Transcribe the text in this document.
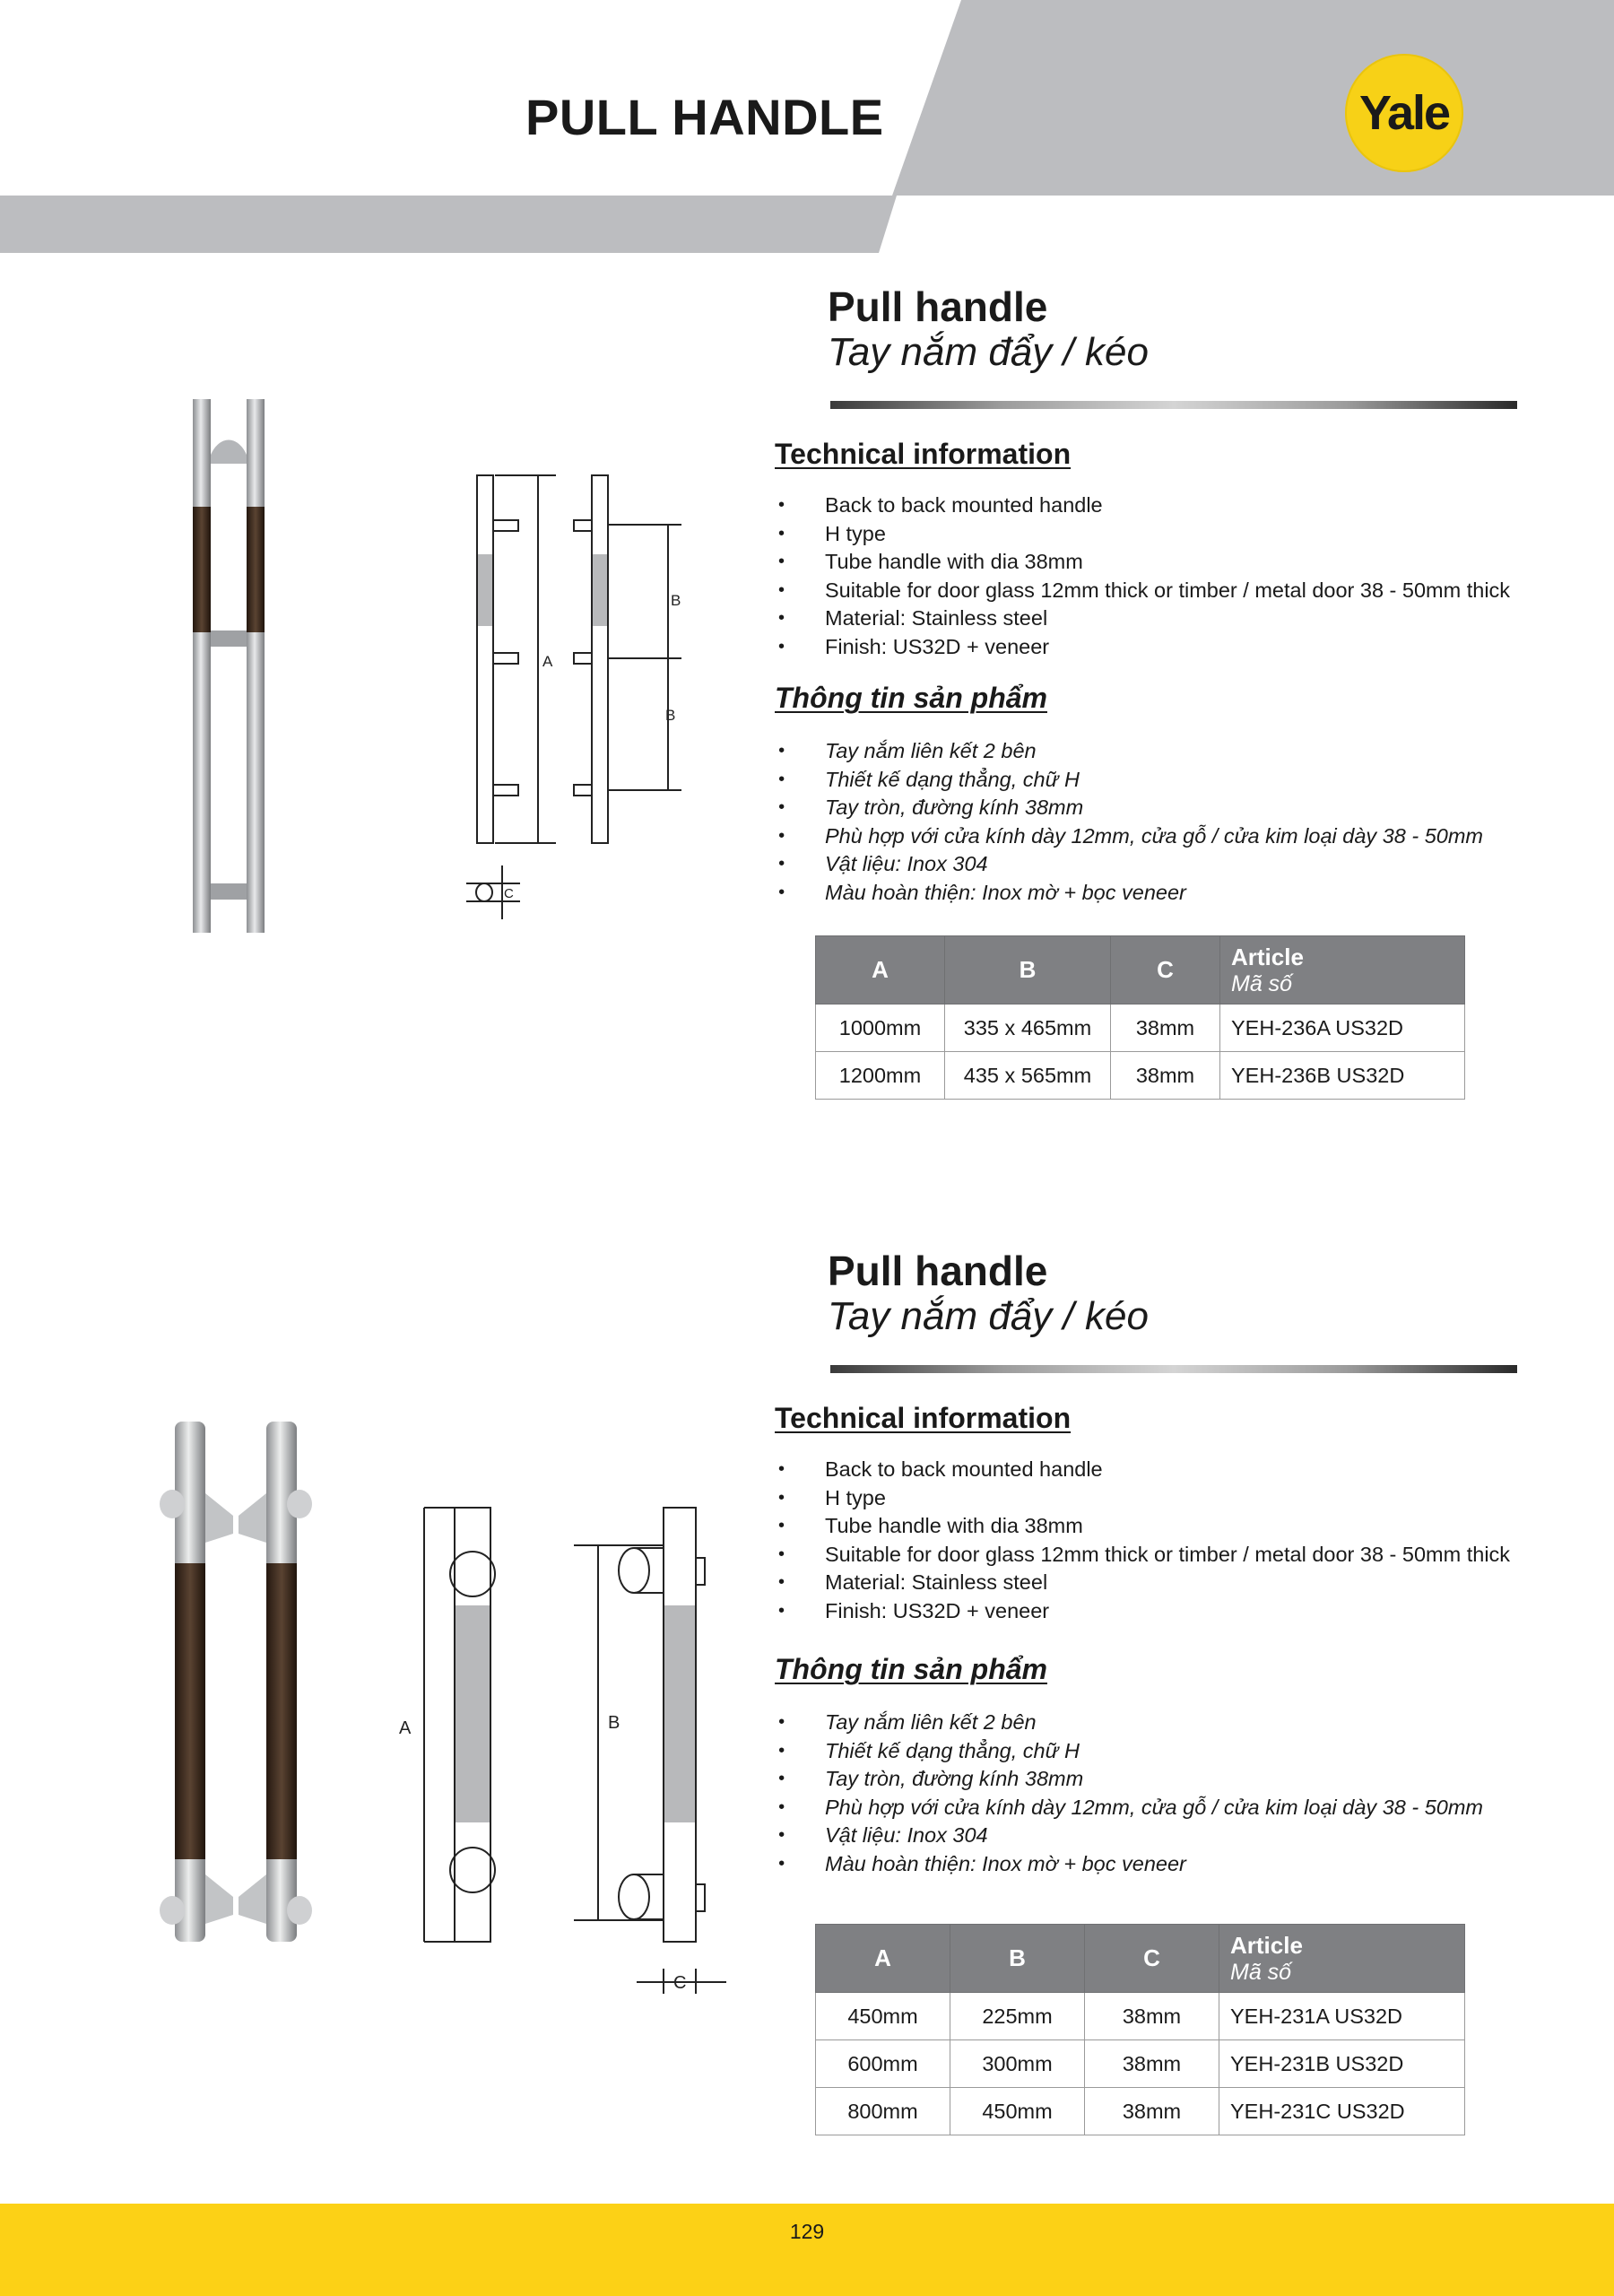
PULL HANDLE	Yale
A
B
B
C
Pull handle
Tay nắm đẩy / kéo
Technical information
• Back to back mounted handle
• H type
• Tube handle with dia 38mm
• Suitable for door glass 12mm thick or timber / metal door 38 - 50mm thick
• Material: Stainless steel
• Finish: US32D + veneer
Thông tin sản phẩm
• Tay nắm liên kết 2 bên
• Thiết kế dạng thẳng, chữ H
• Tay tròn, đường kính 38mm
• Phù hợp với cửa kính dày 12mm, cửa gỗ / cửa kim loại dày 38 - 50mm
• Vật liệu: Inox 304
• Màu hoàn thiện: Inox mờ + bọc veneer
A	B	C	Article
Mã số

1000mm	335 x 465mm	38mm	YEH-236A US32D
1200mm	435 x 565mm	38mm	YEH-236B US32D
A	B
C
Pull handle
Tay nắm đẩy / kéo
Technical information
• Back to back mounted handle
• H type
• Tube handle with dia 38mm
• Suitable for door glass 12mm thick or timber / metal door 38 - 50mm thick
• Material: Stainless steel
• Finish: US32D + veneer
Thông tin sản phẩm
• Tay nắm liên kết 2 bên
• Thiết kế dạng thẳng, chữ H
• Tay tròn, đường kính 38mm
• Phù hợp với cửa kính dày 12mm, cửa gỗ / cửa kim loại dày 38 - 50mm
• Vật liệu: Inox 304
• Màu hoàn thiện: Inox mờ + bọc veneer
A	B	C	Article
Mã số

450mm	225mm	38mm	YEH-231A US32D
600mm	300mm	38mm	YEH-231B US32D
800mm	450mm	38mm	YEH-231C US32D
129
